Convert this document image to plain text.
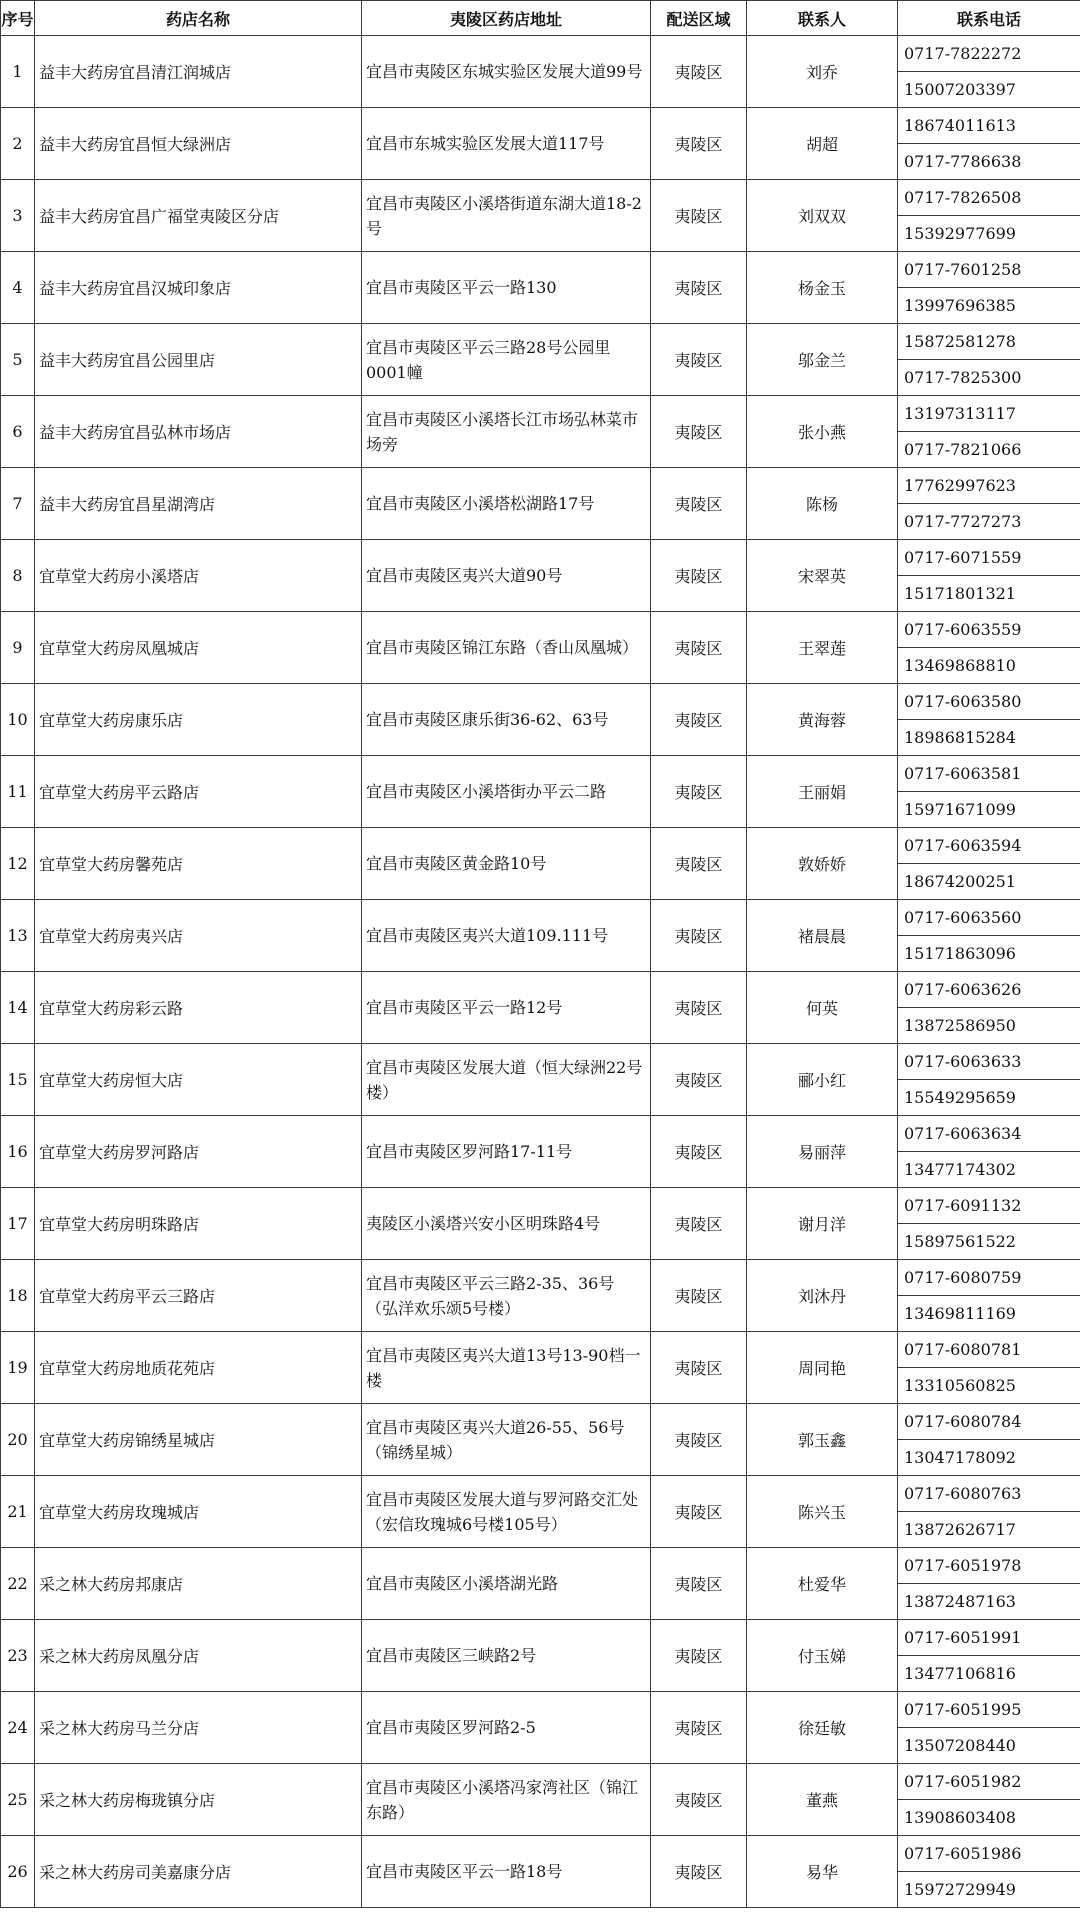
序号	药店名称	夷陵区药店地址	配送区域	联系人	联系电话
1	益丰大药房宜昌清江润城店	宜昌市夷陵区东城实验区发展大道99号	夷陵区	刘乔	0717-7822272
					15007203397
2	益丰大药房宜昌恒大绿洲店	宜昌市东城实验区发展大道117号	夷陵区	胡超	18674011613
					0717-7786638
3	益丰大药房宜昌广福堂夷陵区分店	宜昌市夷陵区小溪塔街道东湖大道18-2号	夷陵区	刘双双	0717-7826508
					15392977699
4	益丰大药房宜昌汉城印象店	宜昌市夷陵区平云一路130	夷陵区	杨金玉	0717-7601258
					13997696385
5	益丰大药房宜昌公园里店	宜昌市夷陵区平云三路28号公园里0001幢	夷陵区	邬金兰	15872581278
					0717-7825300
6	益丰大药房宜昌弘林市场店	宜昌市夷陵区小溪塔长江市场弘林菜市场旁	夷陵区	张小燕	13197313117
					0717-7821066
7	益丰大药房宜昌星湖湾店	宜昌市夷陵区小溪塔松湖路17号	夷陵区	陈杨	17762997623
					0717-7727273
8	宜草堂大药房小溪塔店	宜昌市夷陵区夷兴大道90号	夷陵区	宋翠英	0717-6071559
					15171801321
9	宜草堂大药房凤凰城店	宜昌市夷陵区锦江东路（香山凤凰城）	夷陵区	王翠莲	0717-6063559
					13469868810
10	宜草堂大药房康乐店	宜昌市夷陵区康乐街36-62、63号	夷陵区	黄海蓉	0717-6063580
					18986815284
11	宜草堂大药房平云路店	宜昌市夷陵区小溪塔街办平云二路	夷陵区	王丽娟	0717-6063581
					15971671099
12	宜草堂大药房馨苑店	宜昌市夷陵区黄金路10号	夷陵区	敦娇娇	0717-6063594
					18674200251
13	宜草堂大药房夷兴店	宜昌市夷陵区夷兴大道109.111号	夷陵区	褚晨晨	0717-6063560
					15171863096
14	宜草堂大药房彩云路	宜昌市夷陵区平云一路12号	夷陵区	何英	0717-6063626
					13872586950
15	宜草堂大药房恒大店	宜昌市夷陵区发展大道（恒大绿洲22号楼）	夷陵区	郦小红	0717-6063633
					15549295659
16	宜草堂大药房罗河路店	宜昌市夷陵区罗河路17-11号	夷陵区	易丽萍	0717-6063634
					13477174302
17	宜草堂大药房明珠路店	夷陵区小溪塔兴安小区明珠路4号	夷陵区	谢月洋	0717-6091132
					15897561522
18	宜草堂大药房平云三路店	宜昌市夷陵区平云三路2-35、36号（弘洋欢乐颂5号楼）	夷陵区	刘沐丹	0717-6080759
					13469811169
19	宜草堂大药房地质花苑店	宜昌市夷陵区夷兴大道13号13-90档一楼	夷陵区	周同艳	0717-6080781
					13310560825
20	宜草堂大药房锦绣星城店	宜昌市夷陵区夷兴大道26-55、56号（锦绣星城）	夷陵区	郭玉鑫	0717-6080784
					13047178092
21	宜草堂大药房玫瑰城店	宜昌市夷陵区发展大道与罗河路交汇处（宏信玫瑰城6号楼105号）	夷陵区	陈兴玉	0717-6080763
					13872626717
22	采之林大药房邦康店	宜昌市夷陵区小溪塔湖光路	夷陵区	杜爱华	0717-6051978
					13872487163
23	采之林大药房凤凰分店	宜昌市夷陵区三峡路2号	夷陵区	付玉娣	0717-6051991
					13477106816
24	采之林大药房马兰分店	宜昌市夷陵区罗河路2-5	夷陵区	徐廷敏	0717-6051995
					13507208440
25	采之林大药房梅珑镇分店	宜昌市夷陵区小溪塔冯家湾社区（锦江东路）	夷陵区	董燕	0717-6051982
					13908603408
26	采之林大药房司美嘉康分店	宜昌市夷陵区平云一路18号	夷陵区	易华	0717-6051986
					15972729949
